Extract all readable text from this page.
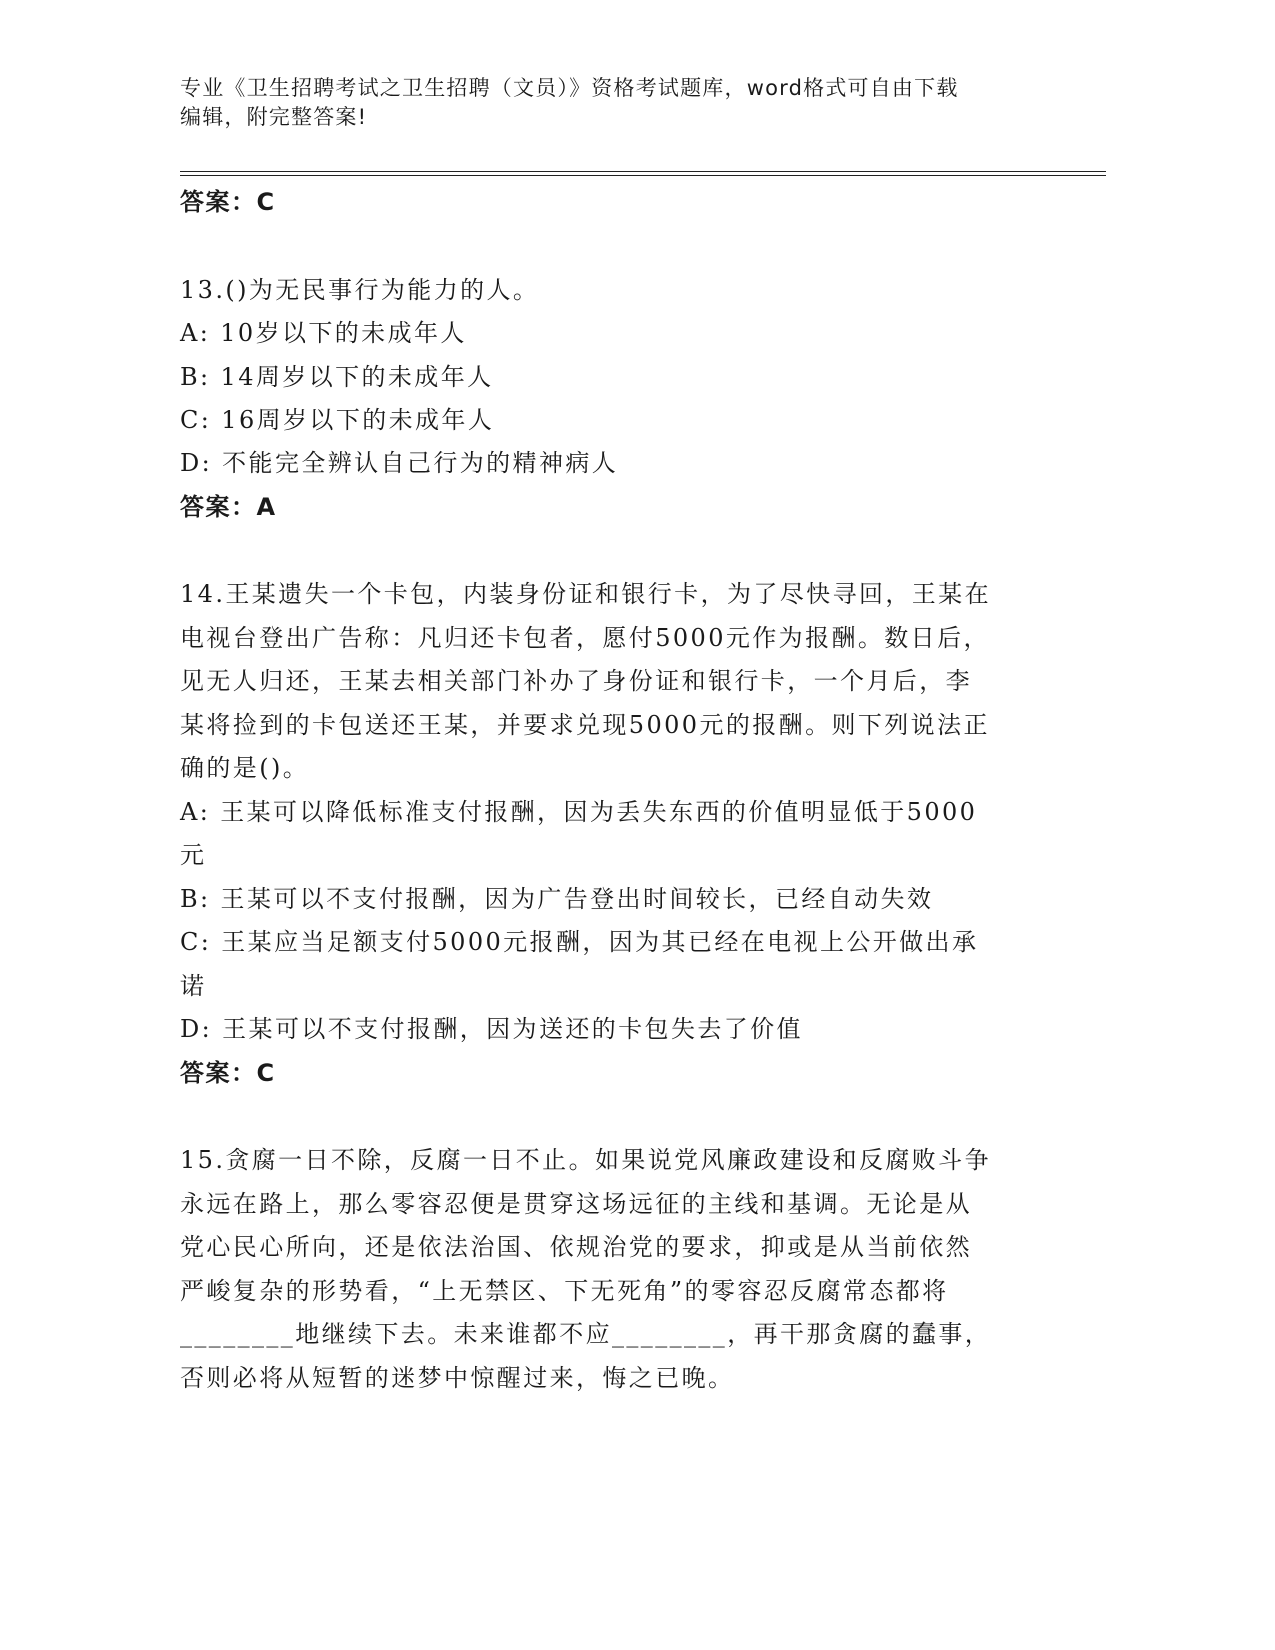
专业《卫生招聘考试之卫生招聘（文员）》资格考试题库，word格式可自由下载
编辑，附完整答案!
答案：C
13.()为无民事行为能力的人。
A: 10岁以下的未成年人
B: 14周岁以下的未成年人
C: 16周岁以下的未成年人
D: 不能完全辨认自己行为的精神病人
答案：A
14.王某遗失一个卡包，内装身份证和银行卡，为了尽快寻回，王某在
电视台登出广告称：凡归还卡包者，愿付5000元作为报酬。数日后，
见无人归还，王某去相关部门补办了身份证和银行卡，一个月后，李
某将捡到的卡包送还王某，并要求兑现5000元的报酬。则下列说法正
确的是()。
A: 王某可以降低标准支付报酬，因为丢失东西的价值明显低于5000
元
B: 王某可以不支付报酬，因为广告登出时间较长，已经自动失效
C: 王某应当足额支付5000元报酬，因为其已经在电视上公开做出承
诺
D: 王某可以不支付报酬，因为送还的卡包失去了价值
答案：C
15.贪腐一日不除，反腐一日不止。如果说党风廉政建设和反腐败斗争
永远在路上，那么零容忍便是贯穿这场远征的主线和基调。无论是从
党心民心所向，还是依法治国、依规治党的要求，抑或是从当前依然
严峻复杂的形势看，“上无禁区、下无死角”的零容忍反腐常态都将
________地继续下去。未来谁都不应________，再干那贪腐的蠢事，
否则必将从短暂的迷梦中惊醒过来，悔之已晚。
